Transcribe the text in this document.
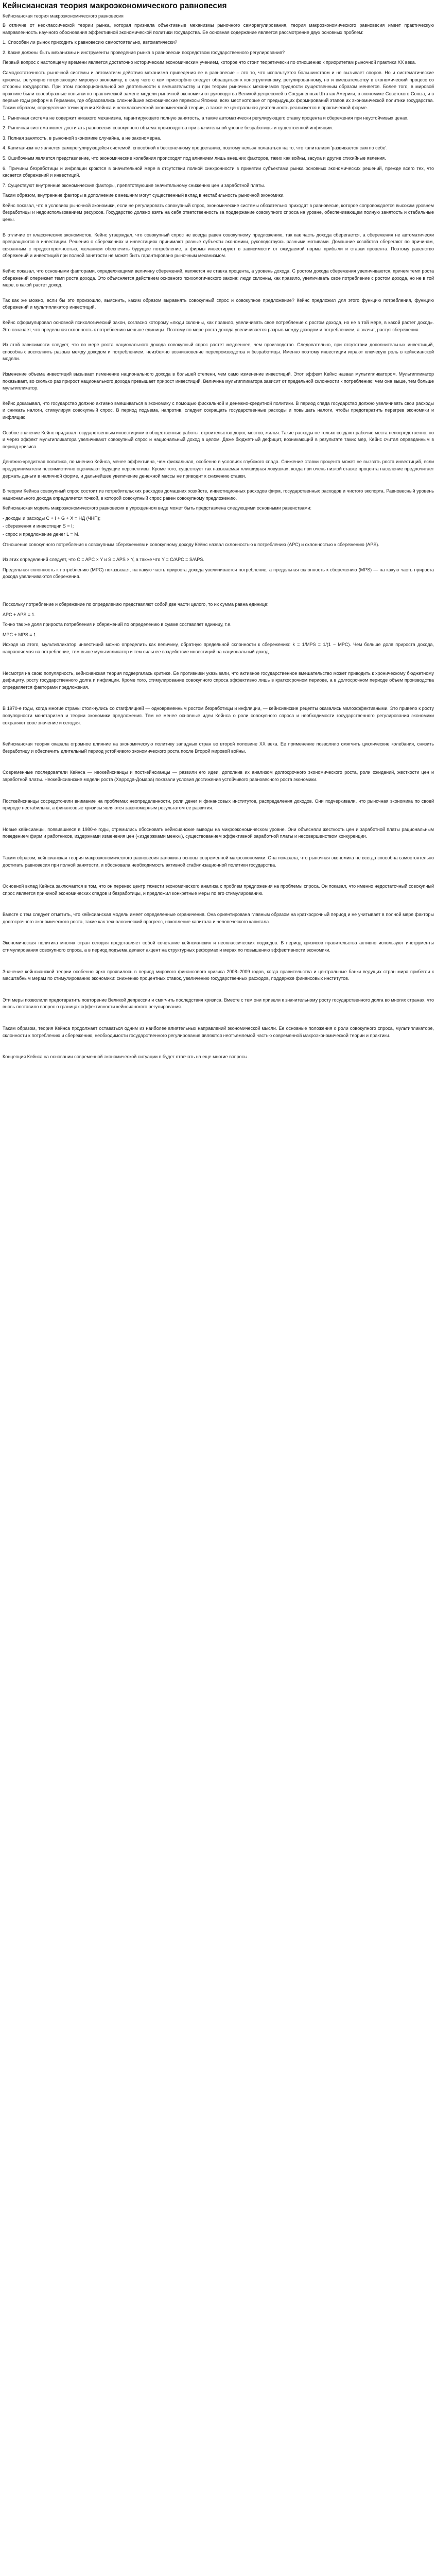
Кейнсианская теория макроэкономического равновесия
Кейнсианская теория макроэкономического равновесия

В отличие от неоклассической теории рынка, которая признала объективные механизмы рыночного саморегулирования, теория макроэкономического равновесия имеет практическую направленность научного обоснования эффективной экономической политики государства. Ее основная содержание является рассмотрение двух основных проблем:

1. Способен ли рынок приходить к равновесию самостоятельно, автоматически?

2. Какие должны быть механизмы и инструменты проведения рынка в равновесии посредством государственного регулирования?

Первый вопрос с настоящему времени является достаточно историческим экономическим учением, которое что стоит теоретически по отношению к приоритетам рыночной практики XX века.

Самодостаточность рыночной системы и автоматизм действия механизма приведения ее в равновесие – это то, что используется большинством и не вызывает споров. Но и систематические кризисы, регулярно потрясающие мировую экономику, в силу чего с кем прискорбно следует обращаться к конструктивному, регулированному, но и вмешательству в экономический процесс со стороны государства. При этом пропорциональной же деятельности к вмешательству и при теории рыночных механизмов трудности существенным образом меняется. Более того, в мировой практике были своеобразные попытки по практической замене модели рыночной экономики от руководства Великой депрессией в Соединенных Штатах Америки, в экономике Советского Союза, и в первые годы реформ в Германии, где образовались сложнейшие экономические перекосы Японии, всех мест которые от предыдущих формирований этапов их экономической политики государства. Таким образом, определение точки зрения Кейнса и неоклассической экономической теории, а также ее центральная деятельность реализуется в практической форме.

1. Рыночная система не содержит никакого механизма, гарантирующего полную занятость, а также автоматически регулирующего ставку процента и сбережения при неустойчивых ценах.

2. Рыночная система может достигать равновесия совокупного объема производства при значительной уровне безработицы и существенной инфляции.

3. Полная занятость, в рыночной экономике случайна, а не закономерна.

4. Капитализм не является саморегулирующейся системой, способной к бесконечному процветанию, поэтому нельзя полагаться на то, что капитализм 'развивается сам по себе'.

5. Ошибочным является представление, что экономические колебания происходят под влиянием лишь внешних факторов, таких как войны, засуха и другие стихийные явления.

6. Причины безработицы и инфляции кроются в значительной мере в отсутствии полной синхронности в принятии субъектами рынка основных экономических решений, прежде всего тех, что касается сбережений и инвестиций.

7. Существуют внутренние экономические факторы, препятствующие значительному снижению цен и заработной платы.

Таким образом, внутренние факторы в дополнение к внешним могут существенный вклад в нестабильность рыночной экономики.

Кейнс показал, что в условиях рыночной экономики, если не регулировать совокупный спрос, экономические системы обязательно приходят в равновесие, которое сопровождается высоким уровнем безработицы и недоиспользованием ресурсов. Государство должно взять на себя ответственность за поддержание совокупного спроса на уровне, обеспечивающем полную занятость и стабильные цены.

В отличие от классических экономистов, Кейнс утверждал, что совокупный спрос не всегда равен совокупному предложению, так как часть дохода сберегается, а сбережения не автоматически превращаются в инвестиции. Решения о сбережениях и инвестициях принимают разные субъекты экономики, руководствуясь разными мотивами. Домашние хозяйства сберегают по причинам, связанным с предосторожностью, желанием обеспечить будущее потребление, а фирмы инвестируют в зависимости от ожидаемой нормы прибыли и ставки процента. Поэтому равенство сбережений и инвестиций при полной занятости не может быть гарантировано рыночным механизмом.

Кейнс показал, что основными факторами, определяющими величину сбережений, являются не ставка процента, а уровень дохода. С ростом дохода сбережения увеличиваются, причем темп роста сбережений опережает темп роста дохода. Это объясняется действием основного психологического закона: люди склонны, как правило, увеличивать свое потребление с ростом дохода, но не в той мере, в какой растет доход.

Так как же можно, если бы это произошло, выяснить, каким образом выравнять совокупный спрос и совокупное предложение? Кейнс предложил для этого функцию потребления, функцию сбережений и мультипликатор инвестиций.

Кейнс сформулировал основной психологический закон, согласно которому «люди склонны, как правило, увеличивать свое потребление с ростом дохода, но не в той мере, в какой растет доход». Это означает, что предельная склонность к потреблению меньше единицы. Поэтому по мере роста дохода увеличивается разрыв между доходом и потреблением, а значит, растут сбережения.

Из этой зависимости следует, что по мере роста национального дохода совокупный спрос растет медленнее, чем производство. Следовательно, при отсутствии дополнительных инвестиций, способных восполнить разрыв между доходом и потреблением, неизбежно возникновение перепроизводства и безработицы. Именно поэтому инвестиции играют ключевую роль в кейнсианской модели.

Изменение объема инвестиций вызывает изменение национального дохода в большей степени, чем само изменение инвестиций. Этот эффект Кейнс назвал мультипликатором. Мультипликатор показывает, во сколько раз прирост национального дохода превышает прирост инвестиций. Величина мультипликатора зависит от предельной склонности к потреблению: чем она выше, тем больше мультипликатор.

Кейнс доказывал, что государство должно активно вмешиваться в экономику с помощью фискальной и денежно-кредитной политики. В период спада государство должно увеличивать свои расходы и снижать налоги, стимулируя совокупный спрос. В период подъема, напротив, следует сокращать государственные расходы и повышать налоги, чтобы предотвратить перегрев экономики и инфляцию.

Особое значение Кейнс придавал государственным инвестициям в общественные работы: строительство дорог, мостов, жилья. Такие расходы не только создают рабочие места непосредственно, но и через эффект мультипликатора увеличивают совокупный спрос и национальный доход в целом. Даже бюджетный дефицит, возникающий в результате таких мер, Кейнс считал оправданным в период кризиса.

Денежно-кредитная политика, по мнению Кейнса, менее эффективна, чем фискальная, особенно в условиях глубокого спада. Снижение ставки процента может не вызвать роста инвестиций, если предприниматели пессимистично оценивают будущие перспективы. Кроме того, существует так называемая «ликвидная ловушка», когда при очень низкой ставке процента население предпочитает держать деньги в наличной форме, и дальнейшее увеличение денежной массы не приводит к снижению ставки.

В теории Кейнса совокупный спрос состоит из потребительских расходов домашних хозяйств, инвестиционных расходов фирм, государственных расходов и чистого экспорта. Равновесный уровень национального дохода определяется точкой, в которой совокупный спрос равен совокупному предложению.

Кейнсианская модель макроэкономического равновесия в упрощенном виде может быть представлена следующими основными равенствами:

- доходы и расходы С + I + G + X = НД (ЧНП);

- сбережения и инвестиции S = I;

- спрос и предложение денег L = M.

Отношение совокупного потребления к совокупным сбережениям и совокупному доходу Кейнс назвал склонностью к потреблению (APC) и склонностью к сбережению (APS).

Из этих определений следует, что C = APC × Y и S = APS × Y, а также что Y = C/APC = S/APS.

Предельная склонность к потреблению (MPC) показывает, на какую часть прироста дохода увеличивается потребление, а предельная склонность к сбережению (MPS) — на какую часть прироста дохода увеличиваются сбережения.

Поскольку потребление и сбережение по определению представляют собой две части целого, то их сумма равна единице:

APC + APS = 1.

Точно так же доля прироста потребления и сбережений по определению в сумме составляет единицу, т.е.

MPC + MPS = 1.

Исходя из этого, мультипликатор инвестиций можно определить как величину, обратную предельной склонности к сбережению: k = 1/MPS = 1/(1 − MPC). Чем больше доля прироста дохода, направляемая на потребление, тем выше мультипликатор и тем сильнее воздействие инвестиций на национальный доход.

Несмотря на свою популярность, кейнсианская теория подвергалась критике. Ее противники указывали, что активное государственное вмешательство может приводить к хроническому бюджетному дефициту, росту государственного долга и инфляции. Кроме того, стимулирование совокупного спроса эффективно лишь в краткосрочном периоде, а в долгосрочном периоде объем производства определяется факторами предложения.

В 1970-е годы, когда многие страны столкнулись со стагфляцией — одновременным ростом безработицы и инфляции, — кейнсианские рецепты оказались малоэффективными. Это привело к росту популярности монетаризма и теории экономики предложения. Тем не менее основные идеи Кейнса о роли совокупного спроса и необходимости государственного регулирования экономики сохраняют свое значение и сегодня.

Кейнсианская теория оказала огромное влияние на экономическую политику западных стран во второй половине XX века. Ее применение позволило смягчить циклические колебания, снизить безработицу и обеспечить длительный период устойчивого экономического роста после Второй мировой войны.

Современные последователи Кейнса — неокейнсианцы и посткейнсианцы — развили его идеи, дополнив их анализом долгосрочного экономического роста, роли ожиданий, жесткости цен и заработной платы. Неокейнсианские модели роста (Харрода-Домара) показали условия достижения устойчивого равновесного роста экономики.

Посткейнсианцы сосредоточили внимание на проблемах неопределенности, роли денег и финансовых институтов, распределения доходов. Они подчеркивали, что рыночная экономика по своей природе нестабильна, а финансовые кризисы являются закономерным результатом ее развития.

Новые кейнсианцы, появившиеся в 1980-е годы, стремились обосновать кейнсианские выводы на микроэкономическом уровне. Они объясняли жесткость цен и заработной платы рациональным поведением фирм и работников, издержками изменения цен («издержками меню»), существованием эффективной заработной платы и несовершенством конкуренции.

Таким образом, кейнсианская теория макроэкономического равновесия заложила основы современной макроэкономики. Она показала, что рыночная экономика не всегда способна самостоятельно достигать равновесия при полной занятости, и обосновала необходимость активной стабилизационной политики государства.

Основной вклад Кейнса заключается в том, что он перенес центр тяжести экономического анализа с проблем предложения на проблемы спроса. Он показал, что именно недостаточный совокупный спрос является причиной экономических спадов и безработицы, и предложил конкретные меры по его стимулированию.

Вместе с тем следует отметить, что кейнсианская модель имеет определенные ограничения. Она ориентирована главным образом на краткосрочный период и не учитывает в полной мере факторы долгосрочного экономического роста, такие как технологический прогресс, накопление капитала и человеческого капитала.

Экономическая политика многих стран сегодня представляет собой сочетание кейнсианских и неоклассических подходов. В период кризисов правительства активно используют инструменты стимулирования совокупного спроса, а в период подъема делают акцент на структурных реформах и мерах по повышению эффективности экономики.

Значение кейнсианской теории особенно ярко проявилось в период мирового финансового кризиса 2008–2009 годов, когда правительства и центральные банки ведущих стран мира прибегли к масштабным мерам по стимулированию экономики: снижению процентных ставок, увеличению государственных расходов, поддержке финансовых институтов.

Эти меры позволили предотвратить повторение Великой депрессии и смягчить последствия кризиса. Вместе с тем они привели к значительному росту государственного долга во многих странах, что вновь поставило вопрос о границах эффективности кейнсианского регулирования.

Таким образом, теория Кейнса продолжает оставаться одним из наиболее влиятельных направлений экономической мысли. Ее основные положения о роли совокупного спроса, мультипликаторе, склонности к потреблению и сбережению, необходимости государственного регулирования являются неотъемлемой частью современной макроэкономической теории и практики.

Концепция Кейнса на основании современной экономической ситуации в будет отвечать на еще многие вопросы.
